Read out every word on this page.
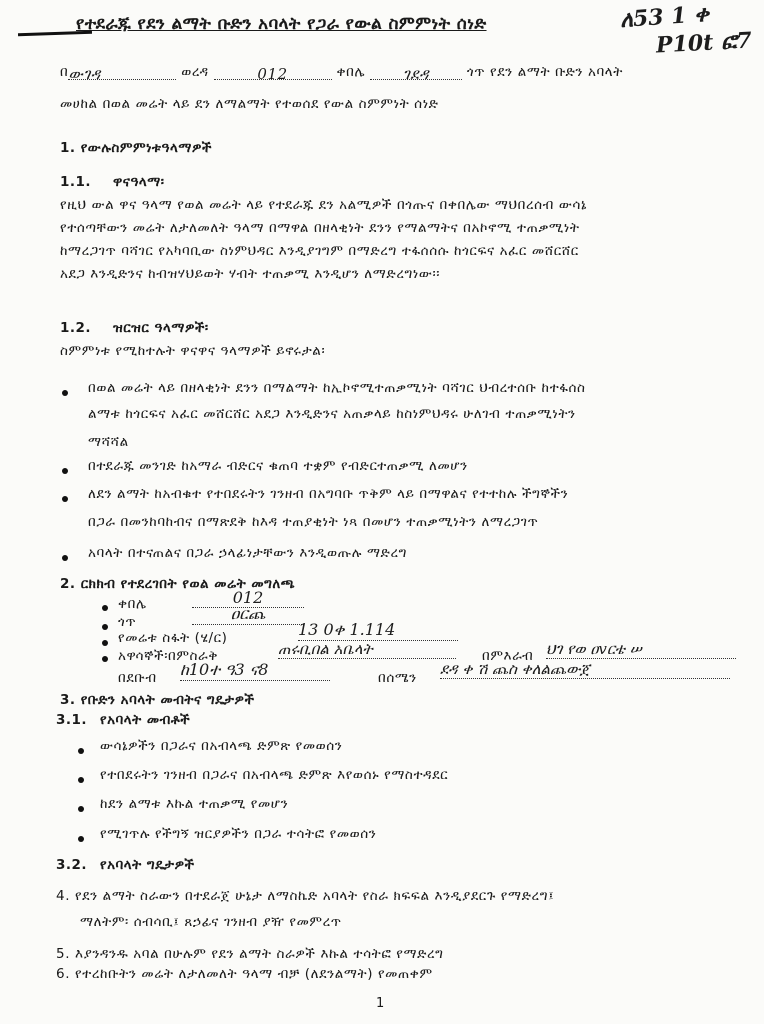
የተደራጁ የደን ልማት ቡድን አባላት የጋራ የውል ስምምነት ሰነድ	ለ53 1 ቀ
P10t ፎ7
በውገዳ	ወረዳ	012	ቀበሌ	ገደዳ	ጎጥ የደን ልማት ቡድን አባላት
መሀከል በወል መሬት ላይ ደን ለማልማት የተወሰደ የውል ስምምነት ሰነድ
1. የውሉስምምነቱዓላማዎች
1.1. ዋናዓላማ፡
የዚህ ውል ዋና ዓላማ የወል መሬት ላይ የተደራጁ ደን አልሚዎች በጎጡና በቀበሌው ማህበረሰብ ውሳኔ
የተሰጣቸውን መሬት ለታለመለት ዓላማ በማዋል በዘላቂነት ደንን የማልማትና በአኮኖሚ ተጠቃሚነት
ከማረጋገጥ ባሻገር የአካባቢው ስነምህዳር እንዲያገግም በማድረግ ተፋሰሰሱ ከጎርፍና አፈር መሸርሸር
አደጋ እንዲድንና ከብዝሃህይወት ሃብት ተጠቃሚ እንዲሆን ለማድረግነው፡፡
1.2. ዝርዝር ዓላማዎች፡
ስምምነቱ የሚከተሉት ዋናዋና ዓላማዎች ይኖሩታል፡
በወል መሬት ላይ በዘላቂነት ደንን በማልማት ከኢኮኖሚተጠቃሚነት ባሻገር ህብረተሰቡ ከተፋሰስ
ልማቱ ከጎርፍና አፈር መሸርሸር አደጋ እንዲድንና አጠቃላይ ከስነምህዳሩ ሁለገብ ተጠቃሚነትን
ማሻሻል
በተደራጁ መንገድ ከአማራ ብድርና ቁጠባ ተቋም የብድርተጠቃሚ ለመሆን
ለደን ልማት ከአብቁተ የተበደሩትን ገንዘብ በአግባቡ ጥቅም ላይ በማዋልና የተተከሉ ችግኞችን
በጋራ በመንከባከብና በማጽደቅ ከእዳ ተጠያቂነት ነጻ በመሆን ተጠቃሚነትን ለማረጋገጥ
አባላት በተናጠልና በጋራ ኃላፊነታቸውን እንዲወጡሉ ማድረግ
2. ርክክብ የተደረገበት የወል መሬት መግለጫ
ቀበሌ	012
ጎጥ	ዐርጨ
የመሬቱ ስፋት (ሄ/ር)	13 0ቀ 1.114
አዋሳኞች፡በምስራቅ	ጠሩቢበል አቤላት	በምእራብ ህገ የወ ዐvርቴ ሠ
በደቡብ ከ10ተ ዓ3 ና8	በሰሜን ደዳ ቀ ሽ ጨስ ቀለልጨውጀ
3. የቡድን አባላት መብትና ግዴታዎች
3.1. የአባላት መብቶች
ውሳኔዎችን በጋራና በአብላጫ ድምጽ የመወሰን
የተበደሩትን ገንዘብ በጋራና በአብላጫ ድምጽ እየወሰኑ የማስተዳደር
ከደን ልማቱ እኩል ተጠቃሚ የመሆን
የሚገጥሉ የችግኝ ዝርያዎችን በጋራ ተሳትፎ የመወሰን
3.2. የአባላት ግዴታዎች
4. የደን ልማት ስራውን በተደራጀ ሁኔታ ለማስኬድ አባላት የስራ ክፍፍል እንዲያደርጉ የማድረግ፤
ማለትም፡ ሰብሳቢ፤ ጸኃፊና ገንዘብ ያዥ የመምረጥ
5. እያንዳንዱ አባል በሁሉም የደን ልማት ስራዎች እኩል ተሳትፎ የማድረግ
6. የተረከቡትን መሬት ለታለመለት ዓላማ ብቻ (ለደንልማት) የመጠቀም
1
